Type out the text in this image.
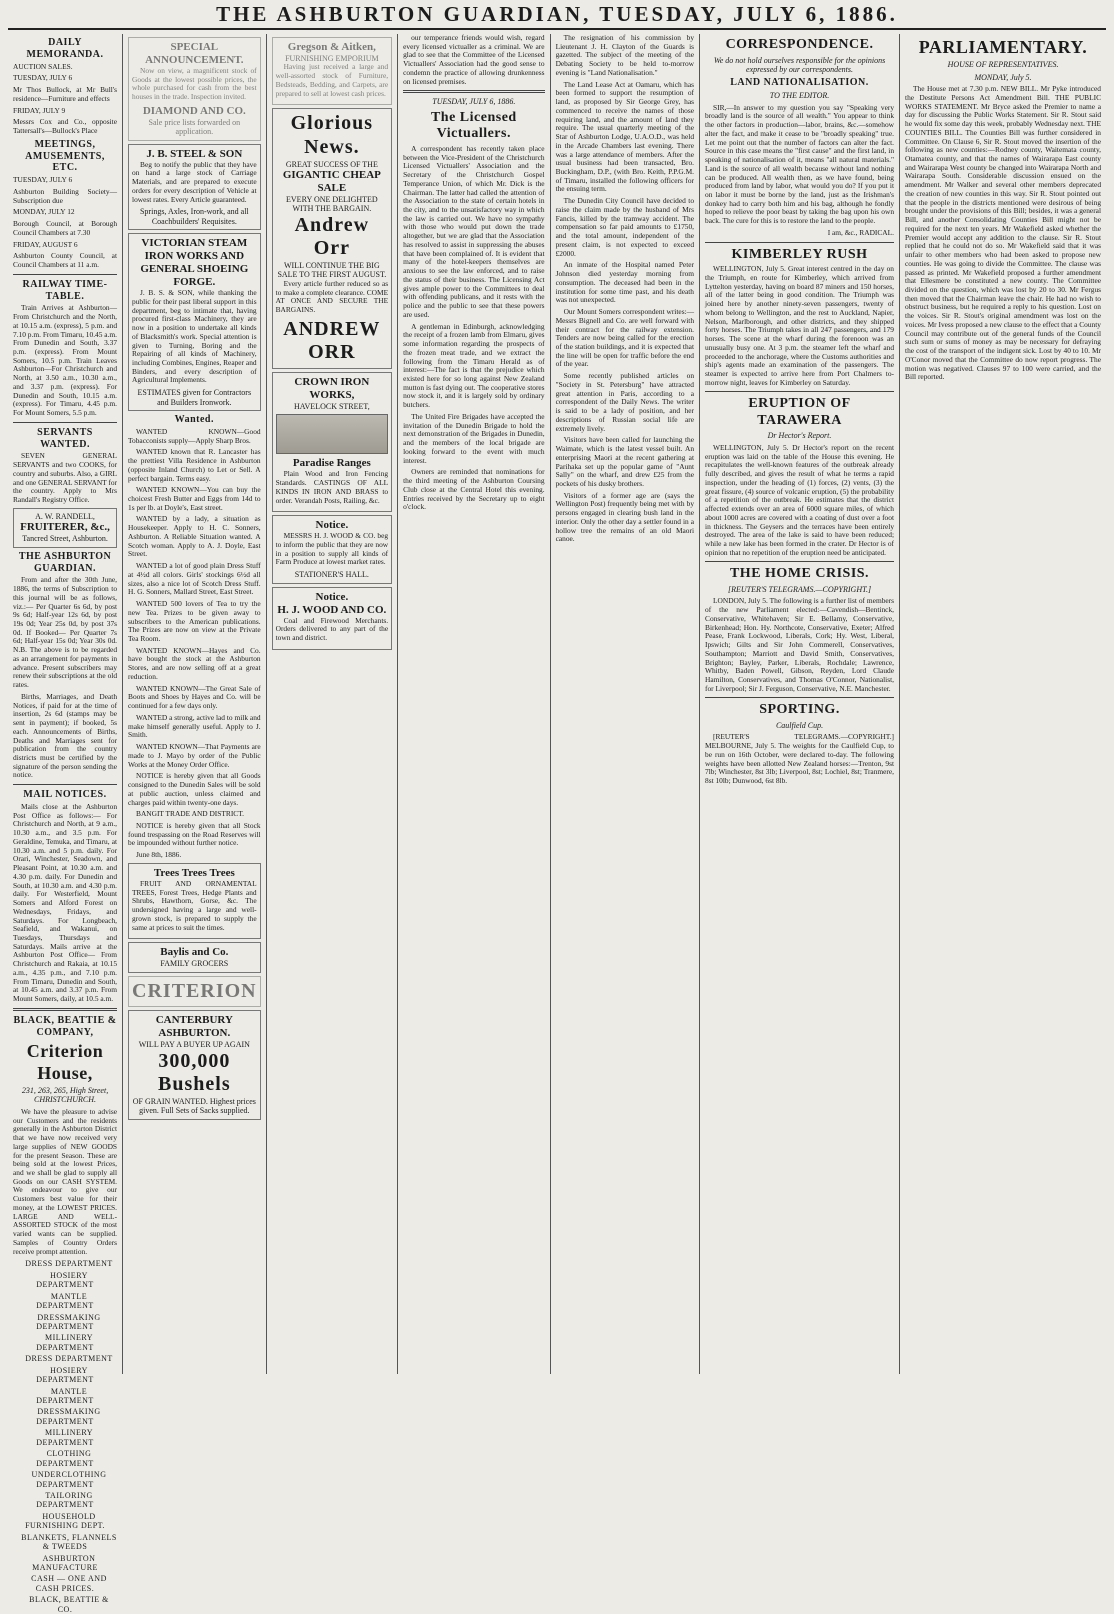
THE ASHBURTON GUARDIAN, TUESDAY, JULY 6, 1886.
DAILY MEMORANDA.

AUCTION SALES.

TUESDAY, JULY 6

Mr Thos Bullock, at Mr Bull's residence—Furniture and effects

FRIDAY, JULY 9

Messrs Cox and Co., opposite Tattersall's—Bullock's Place

MEETINGS, AMUSEMENTS, ETC.

TUESDAY, JULY 6

Ashburton Building Society—Subscription due

MONDAY, JULY 12

Borough Council, at Borough Council Chambers at 7.30

FRIDAY, AUGUST 6

Ashburton County Council, at Council Chambers at 11 a.m.

RAILWAY TIME-TABLE.

Train Arrives at Ashburton—From Christchurch and the North, at 10.15 a.m. (express), 5 p.m. and 7.10 p.m. From Timaru, 10.45 a.m. From Dunedin and South, 3.37 p.m. (express). From Mount Somers, 10.5 p.m. Train Leaves Ashburton—For Christchurch and North, at 3.50 a.m., 10.30 a.m., and 3.37 p.m. (express). For Dunedin and South, 10.15 a.m. (express). For Timaru, 4.45 p.m. For Mount Somers, 5.5 p.m.

SERVANTS WANTED.

SEVEN GENERAL SERVANTS and two COOKS, for country and suburbs. Also, a GIRL and one GENERAL SERVANT for the country. Apply to Mrs Randall's Registry Office.

A. W. RANDELL,
FRUITERER, &c.,
Tancred Street, Ashburton.
THE ASHBURTON GUARDIAN.

From and after the 30th June, 1886, the terms of Subscription to this journal will be as follows, viz.:— Per Quarter 6s 6d, by post 9s 6d; Half-year 12s 6d, by post 19s 0d; Year 25s 0d, by post 37s 0d. If Booked— Per Quarter 7s 6d; Half-year 15s 0d; Year 30s 0d. N.B. The above is to be regarded as an arrangement for payments in advance. Present subscribers may renew their subscriptions at the old rates.

Births, Marriages, and Death Notices, if paid for at the time of insertion, 2s 6d (stamps may be sent in payment); if booked, 5s each. Announcements of Births, Deaths and Marriages sent for publication from the country districts must be certified by the signature of the person sending the notice.

MAIL NOTICES.

Mails close at the Ashburton Post Office as follows:— For Christchurch and North, at 9 a.m., 10.30 a.m., and 3.5 p.m. For Geraldine, Temuka, and Timaru, at 10.30 a.m. and 5 p.m. daily. For Orari, Winchester, Seadown, and Pleasant Point, at 10.30 a.m. and 4.30 p.m. daily. For Dunedin and South, at 10.30 a.m. and 4.30 p.m. daily. For Westerfield, Mount Somers and Alford Forest on Wednesdays, Fridays, and Saturdays. For Longbeach, Seafield, and Wakanui, on Tuesdays, Thursdays and Saturdays. Mails arrive at the Ashburton Post Office— From Christchurch and Rakaia, at 10.15 a.m., 4.35 p.m., and 7.10 p.m. From Timaru, Dunedin and South, at 10.45 a.m. and 3.37 p.m. From Mount Somers, daily, at 10.5 a.m.

BLACK, BEATTIE & COMPANY,
Criterion House,
231, 263, 265, High Street, CHRISTCHURCH.

We have the pleasure to advise our Customers and the residents generally in the Ashburton District that we have now received very large supplies of NEW GOODS for the present Season. These are being sold at the lowest Prices, and we shall be glad to supply all Goods on our CASH SYSTEM. We endeavour to give our Customers best value for their money, at the LOWEST PRICES. LARGE AND WELL-ASSORTED STOCK of the most varied wants can be supplied. Samples of Country Orders receive prompt attention.

DRESS DEPARTMENT

HOSIERY DEPARTMENT

MANTLE DEPARTMENT

DRESSMAKING DEPARTMENT

MILLINERY DEPARTMENT

DRESS DEPARTMENT

HOSIERY DEPARTMENT

MANTLE DEPARTMENT

DRESSMAKING DEPARTMENT

MILLINERY DEPARTMENT

CLOTHING DEPARTMENT

UNDERCLOTHING DEPARTMENT

TAILORING DEPARTMENT

HOUSEHOLD FURNISHING DEPT.

BLANKETS, FLANNELS & TWEEDS

ASHBURTON MANUFACTURE

CASH — ONE AND CASH PRICES.

BLACK, BEATTIE & CO.

SPECIAL ANNOUNCEMENT.

Now on view, a magnificent stock of Goods at the lowest possible prices, the whole purchased for cash from the best houses in the trade. Inspection invited.

DIAMOND AND CO.
Sale price lists forwarded on application.
J. B. STEEL & SON

Beg to notify the public that they have on hand a large stock of Carriage Materials, and are prepared to execute orders for every description of Vehicle at lowest rates. Every Article guaranteed.

Springs, Axles, Iron-work, and all Coachbuilders' Requisites.
VICTORIAN STEAM IRON WORKS AND GENERAL SHOEING FORGE.

J. B. S. & SON, while thanking the public for their past liberal support in this department, beg to intimate that, having procured first-class Machinery, they are now in a position to undertake all kinds of Blacksmith's work. Special attention is given to Turning, Boring and the Repairing of all kinds of Machinery, including Combines, Engines, Reaper and Binders, and every description of Agricultural Implements.

ESTIMATES given for Contractors and Builders Ironwork.
Wanted.

WANTED KNOWN—Good Tobacconists supply—Apply Sharp Bros.

WANTED known that R. Lancaster has the prettiest Villa Residence in Ashburton (opposite Inland Church) to Let or Sell. A perfect bargain. Terms easy.

WANTED KNOWN—You can buy the choicest Fresh Butter and Eggs from 14d to 1s per lb. at Doyle's, East street.

WANTED by a lady, a situation as Housekeeper. Apply to H. C. Sonners, Ashburton. A Reliable Situation wanted. A Scotch woman. Apply to A. J. Doyle, East Street.

WANTED a lot of good plain Dress Stuff at 4½d all colors. Girls' stockings 6½d all sizes, also a nice lot of Scotch Dress Stuff. H. G. Sonners, Mallard Street, East Street.

WANTED 500 lovers of Tea to try the new Tea. Prizes to be given away to subscribers to the American publications. The Prizes are now on view at the Private Tea Room.

WANTED KNOWN—Hayes and Co. have bought the stock at the Ashburton Stores, and are now selling off at a great reduction.

WANTED KNOWN—The Great Sale of Boots and Shoes by Hayes and Co. will be continued for a few days only.

WANTED a strong, active lad to milk and make himself generally useful. Apply to J. Smith.

WANTED KNOWN—That Payments are made to J. Mayo by order of the Public Works at the Money Order Office.

NOTICE is hereby given that all Goods consigned to the Dunedin Sales will be sold at public auction, unless claimed and charges paid within twenty-one days.

BANGIT TRADE AND DISTRICT.

NOTICE is hereby given that all Stock found trespassing on the Road Reserves will be impounded without further notice.

June 8th, 1886.

Trees Trees Trees

FRUIT AND ORNAMENTAL TREES, Forest Trees, Hedge Plants and Shrubs, Hawthorn, Gorse, &c. The undersigned having a large and well-grown stock, is prepared to supply the same at prices to suit the times.

Baylis and Co.
FAMILY GROCERS
CRITERION
CANTERBURY ASHBURTON.
WILL PAY A BUYER UP AGAIN
300,000 Bushels
OF GRAIN WANTED. Highest prices given. Full Sets of Sacks supplied.
Gregson & Aitken,
FURNISHING EMPORIUM

Having just received a large and well-assorted stock of Furniture, Bedsteads, Bedding, and Carpets, are prepared to sell at lowest cash prices.

Glorious News.
GREAT SUCCESS OF THE
GIGANTIC CHEAP SALE
EVERY ONE DELIGHTED WITH THE BARGAIN.
Andrew Orr
WILL CONTINUE THE BIG SALE TO THE FIRST AUGUST.

Every article further reduced so as to make a complete clearance. COME AT ONCE AND SECURE THE BARGAINS.

ANDREW ORR
CROWN IRON WORKS,
HAVELOCK STREET,
Paradise Ranges

Plain Wood and Iron Fencing Standards. CASTINGS OF ALL KINDS IN IRON AND BRASS to order. Verandah Posts, Railing, &c.

Notice.

MESSRS H. J. WOOD & CO. beg to inform the public that they are now in a position to supply all kinds of Farm Produce at lowest market rates.

STATIONER'S HALL.
Notice.
H. J. WOOD AND CO.

Coal and Firewood Merchants. Orders delivered to any part of the town and district.

our temperance friends would wish, regard every licensed victualler as a criminal. We are glad to see that the Committee of the Licensed Victuallers' Association had the good sense to condemn the practice of allowing drunkenness on licensed premises.

TUESDAY, JULY 6, 1886.
The Licensed Victuallers.

A correspondent has recently taken place between the Vice-President of the Christchurch Licensed Victuallers' Association and the Secretary of the Christchurch Gospel Temperance Union, of which Mr. Dick is the Chairman. The latter had called the attention of the Association to the state of certain hotels in the city, and to the unsatisfactory way in which the law is carried out. We have no sympathy with those who would put down the trade altogether, but we are glad that the Association has resolved to assist in suppressing the abuses that have been complained of. It is evident that many of the hotel-keepers themselves are anxious to see the law enforced, and to raise the status of their business. The Licensing Act gives ample power to the Committees to deal with offending publicans, and it rests with the police and the public to see that these powers are used.

A gentleman in Edinburgh, acknowledging the receipt of a frozen lamb from Elmaru, gives some information regarding the prospects of the frozen meat trade, and we extract the following from the Timaru Herald as of interest:—The fact is that the prejudice which existed here for so long against New Zealand mutton is fast dying out. The cooperative stores now stock it, and it is largely sold by ordinary butchers.

The United Fire Brigades have accepted the invitation of the Dunedin Brigade to hold the next demonstration of the Brigades in Dunedin, and the members of the local brigade are looking forward to the event with much interest.

Owners are reminded that nominations for the third meeting of the Ashburton Coursing Club close at the Central Hotel this evening. Entries received by the Secretary up to eight o'clock.

The resignation of his commission by Lieutenant J. H. Clayton of the Guards is gazetted. The subject of the meeting of the Debating Society to be held to-morrow evening is "Land Nationalisation."

The Land Lease Act at Oamaru, which has been formed to support the resumption of land, as proposed by Sir George Grey, has commenced to receive the names of those requiring land, and the amount of land they require. The usual quarterly meeting of the Star of Ashburton Lodge, U.A.O.D., was held in the Arcade Chambers last evening. There was a large attendance of members. After the usual business had been transacted, Bro. Buckingham, D.P., (with Bro. Keith, P.P.G.M. of Timaru, installed the following officers for the ensuing term.

The Dunedin City Council have decided to raise the claim made by the husband of Mrs Fancis, killed by the tramway accident. The compensation so far paid amounts to £1750, and the total amount, independent of the present claim, is not expected to exceed £2000.

An inmate of the Hospital named Peter Johnson died yesterday morning from consumption. The deceased had been in the institution for some time past, and his death was not unexpected.

Our Mount Somers correspondent writes:—Messrs Bignell and Co. are well forward with their contract for the railway extension. Tenders are now being called for the erection of the station buildings, and it is expected that the line will be open for traffic before the end of the year.

Some recently published articles on "Society in St. Petersburg" have attracted great attention in Paris, according to a correspondent of the Daily News. The writer is said to be a lady of position, and her descriptions of Russian social life are extremely lively.

Visitors have been called for launching the Waimate, which is the latest vessel built. An enterprising Maori at the recent gathering at Parihaka set up the popular game of "Aunt Sally" on the wharf, and drew £25 from the pockets of his dusky brothers.

Visitors of a former age are (says the Wellington Post) frequently being met with by persons engaged in clearing bush land in the interior. Only the other day a settler found in a hollow tree the remains of an old Maori canoe.

CORRESPONDENCE.
We do not hold ourselves responsible for the opinions expressed by our correspondents.
LAND NATIONALISATION.
TO THE EDITOR.

SIR,—In answer to my question you say "Speaking very broadly land is the source of all wealth." You appear to think the other factors in production—labor, brains, &c.—somehow alter the fact, and make it cease to be "broadly speaking" true. Let me point out that the number of factors can alter the fact. Source in this case means the "first cause" and the first land, in speaking of nationalisation of it, means "all natural materials." Land is the source of all wealth because without land nothing can be produced. All wealth then, as we have found, being produced from land by labor, what would you do? If you put it on labor it must be borne by the land, just as the Irishman's donkey had to carry both him and his bag, although he fondly hoped to relieve the poor beast by taking the bag upon his own back. The cure for this is to restore the land to the people.

I am, &c., RADICAL.

KIMBERLEY RUSH

WELLINGTON, July 5. Great interest centred in the day on the Triumph, en route for Kimberley, which arrived from Lyttelton yesterday, having on board 87 miners and 150 horses, all of the latter being in good condition. The Triumph was joined here by another ninety-seven passengers, twenty of whom belong to Wellington, and the rest to Auckland, Napier, Nelson, Marlborough, and other districts, and they shipped forty horses. The Triumph takes in all 247 passengers, and 179 horses. The scene at the wharf during the forenoon was an unusually busy one. At 3 p.m. the steamer left the wharf and proceeded to the anchorage, where the Customs authorities and ship's agents made an examination of the passengers. The steamer is expected to arrive here from Port Chalmers to-morrow night, leaves for Kimberley on Saturday.

ERUPTION OF TARAWERA
Dr Hector's Report.

WELLINGTON, July 5. Dr Hector's report on the recent eruption was laid on the table of the House this evening. He recapitulates the well-known features of the outbreak already fully described, and gives the result of what he terms a rapid inspection, under the heading of (1) forces, (2) vents, (3) the great fissure, (4) source of volcanic eruption, (5) the probability of a repetition of the outbreak. He estimates that the district affected extends over an area of 6000 square miles, of which about 1000 acres are covered with a coating of dust over a foot in thickness. The Geysers and the terraces have been entirely destroyed. The area of the lake is said to have been reduced; while a new lake has been formed in the crater. Dr Hector is of opinion that no repetition of the eruption need be anticipated.

THE HOME CRISIS.
[REUTER'S TELEGRAMS.—COPYRIGHT.]

LONDON, July 5. The following is a further list of members of the new Parliament elected:—Cavendish—Bentinck, Conservative, Whitehaven; Sir E. Bellamy, Conservative, Birkenhead; Hon. Hy. Northcote, Conservative, Exeter; Alfred Pease, Frank Lockwood, Liberals, Cork; Hy. West, Liberal, Ipswich; Gilts and Sir John Commerell, Conservatives, Southampton; Marriott and David Smith, Conservatives, Brighton; Bayley, Parker, Liberals, Rochdale; Lawrence, Whitby, Baden Powell, Gibson, Reyden, Lord Claude Hamilton, Conservatives, and Thomas O'Connor, Nationalist, for Liverpool; Sir J. Ferguson, Conservative, N.E. Manchester.

SPORTING.
Caulfield Cup.

[REUTER'S TELEGRAMS.—COPYRIGHT.] MELBOURNE, July 5. The weights for the Caulfield Cup, to be run on 16th October, were declared to-day. The following weights have been allotted New Zealand horses:—Trenton, 9st 7lb; Winchester, 8st 3lb; Liverpool, 8st; Lochiel, 8st; Tranmere, 8st 10lb; Dunwood, 6st 8lb.

PARLIAMENTARY.
HOUSE OF REPRESENTATIVES.
MONDAY, July 5.

The House met at 7.30 p.m. NEW BILL. Mr Pyke introduced the Destitute Persons Act Amendment Bill. THE PUBLIC WORKS STATEMENT. Mr Bryce asked the Premier to name a day for discussing the Public Works Statement. Sir R. Stout said he would fix some day this week, probably Wednesday next. THE COUNTIES BILL. The Counties Bill was further considered in Committee. On Clause 6, Sir R. Stout moved the insertion of the following as new counties:—Rodney county, Waitemata county, Otamatea county, and that the names of Wairarapa East county and Wairarapa West county be changed into Wairarapa North and Wairarapa South. Considerable discussion ensued on the amendment. Mr Walker and several other members deprecated the creation of new counties in this way. Sir R. Stout pointed out that the people in the districts mentioned were desirous of being brought under the provisions of this Bill; besides, it was a general Bill, and another Consolidating Counties Bill might not be required for the next ten years. Mr Wakefield asked whether the Premier would accept any addition to the clause. Sir R. Stout replied that he could not do so. Mr Wakefield said that it was unfair to other members who had been asked to propose new counties. He was going to divide the Committee. The clause was passed as printed. Mr Wakefield proposed a further amendment that Ellesmere be constituted a new county. The Committee divided on the question, which was lost by 20 to 30. Mr Fergus then moved that the Chairman leave the chair. He had no wish to obstruct business, but he required a reply to his question. Lost on the voices. Sir R. Stout's original amendment was lost on the voices. Mr Ivess proposed a new clause to the effect that a County Council may contribute out of the general funds of the Council such sum or sums of money as may be necessary for defraying the cost of the transport of the indigent sick. Lost by 40 to 10. Mr O'Conor moved that the Committee do now report progress. The motion was negatived. Clauses 97 to 100 were carried, and the Bill reported.
